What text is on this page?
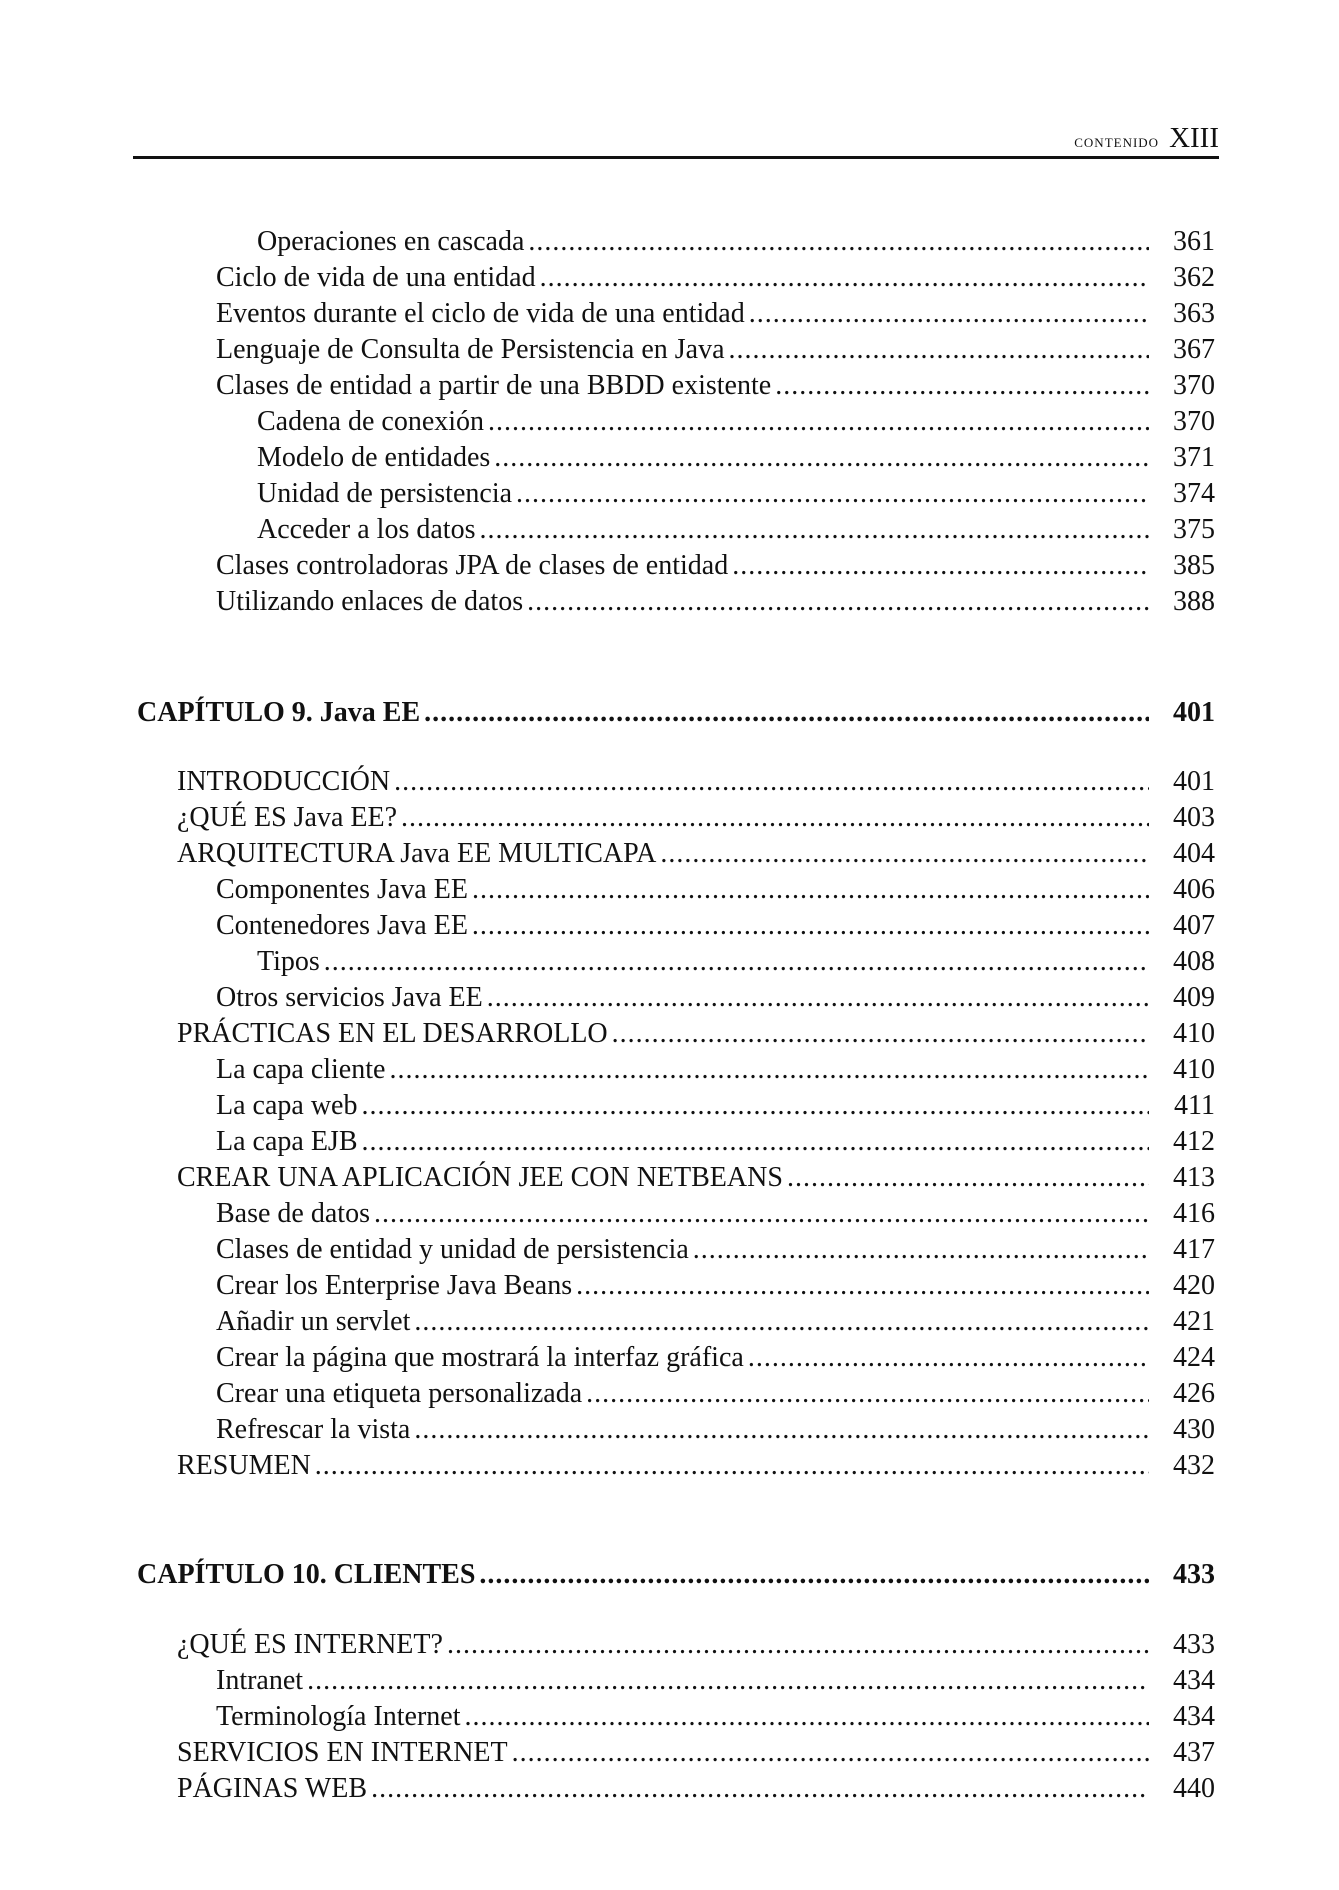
contenido XIII
Operaciones en cascada .....	361
Ciclo de vida de una entidad .....	362
Eventos durante el ciclo de vida de una entidad .....	363
Lenguaje de Consulta de Persistencia en Java .....	367
Clases de entidad a partir de una BBDD existente .....	370
Cadena de conexión .....	370
Modelo de entidades .....	371
Unidad de persistencia .....	374
Acceder a los datos .....	375
Clases controladoras JPA de clases de entidad .....	385
Utilizando enlaces de datos .....	388
CAPÍTULO 9. Java EE .....	401
INTRODUCCIÓN .....	401
¿QUÉ ES Java EE? .....	403
ARQUITECTURA Java EE MULTICAPA .....	404
Componentes Java EE .....	406
Contenedores Java EE .....	407
Tipos .....	408
Otros servicios Java EE .....	409
PRÁCTICAS EN EL DESARROLLO .....	410
La capa cliente .....	410
La capa web .....	411
La capa EJB .....	412
CREAR UNA APLICACIÓN JEE CON NETBEANS .....	413
Base de datos .....	416
Clases de entidad y unidad de persistencia .....	417
Crear los Enterprise Java Beans .....	420
Añadir un servlet .....	421
Crear la página que mostrará la interfaz gráfica .....	424
Crear una etiqueta personalizada .....	426
Refrescar la vista .....	430
RESUMEN .....	432
CAPÍTULO 10. CLIENTES .....	433
¿QUÉ ES INTERNET? .....	433
Intranet .....	434
Terminología Internet .....	434
SERVICIOS EN INTERNET .....	437
PÁGINAS WEB .....	440
